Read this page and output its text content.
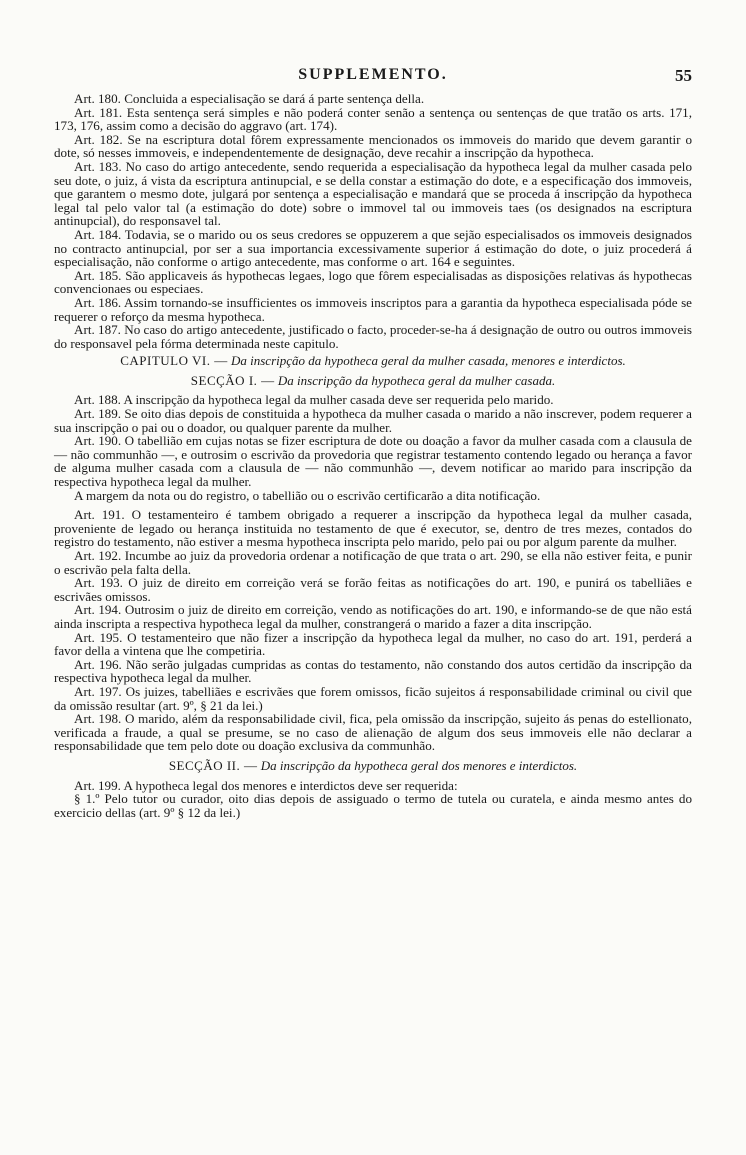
SUPPLEMENTO.	55

Art. 180. Concluida a especialisação se dará á parte sentença della.

Art. 181. Esta sentença será simples e não poderá conter senão a sentença ou sentenças de que tratão os arts. 171, 173, 176, assim como a decisão do aggravo (art. 174).

Art. 182. Se na escriptura dotal fôrem expressamente mencionados os immoveis do marido que devem garantir o dote, só nesses immoveis, e independentemente de designação, deve recahir a inscripção da hypotheca.

Art. 183. No caso do artigo antecedente, sendo requerida a especialisação da hypotheca legal da mulher casada pelo seu dote, o juiz, á vista da escriptura antinupcial, e se della constar a estimação do dote, e a especificação dos immoveis, que garantem o mesmo dote, julgará por sentença a especialisação e mandará que se proceda á inscripção da hypotheca legal tal pelo valor tal (a estimação do dote) sobre o immovel tal ou immoveis taes (os designados na escriptura antinupcial), do responsavel tal.

Art. 184. Todavia, se o marido ou os seus credores se oppuzerem a que sejão especialisados os immoveis designados no contracto antinupcial, por ser a sua importancia excessivamente superior á estimação do dote, o juiz procederá á especialisação, não conforme o artigo antecedente, mas conforme o art. 164 e seguintes.

Art. 185. São applicaveis ás hypothecas legaes, logo que fôrem especialisadas as disposições relativas ás hypothecas convencionaes ou especiaes.

Art. 186. Assim tornando-se insufficientes os immoveis inscriptos para a garantia da hypotheca especialisada póde se requerer o reforço da mesma hypotheca.

Art. 187. No caso do artigo antecedente, justificado o facto, proceder-se-ha á designação de outro ou outros immoveis do responsavel pela fórma determinada neste capitulo.

CAPITULO VI. — Da inscripção da hypotheca geral da mulher casada, menores e interdictos.
SECÇÃO I. — Da inscripção da hypotheca geral da mulher casada.

Art. 188. A inscripção da hypotheca legal da mulher casada deve ser requerida pelo marido.

Art. 189. Se oito dias depois de constituida a hypotheca da mulher casada o marido a não inscrever, podem requerer a sua inscripção o pai ou o doador, ou qualquer parente da mulher.

Art. 190. O tabellião em cujas notas se fizer escriptura de dote ou doação a favor da mulher casada com a clausula de — não communhão —, e outrosim o escrivão da provedoria que registrar testamento contendo legado ou herança a favor de alguma mulher casada com a clausula de — não communhão —, devem notificar ao marido para inscripção da respectiva hypotheca legal da mulher.

A margem da nota ou do registro, o tabellião ou o escrivão certificarão a dita notificação.

Art. 191. O testamenteiro é tambem obrigado a requerer a inscripção da hypotheca legal da mulher casada, proveniente de legado ou herança instituida no testamento de que é executor, se, dentro de tres mezes, contados do registro do testamento, não estiver a mesma hypotheca inscripta pelo marido, pelo pai ou por algum parente da mulher.

Art. 192. Incumbe ao juiz da provedoria ordenar a notificação de que trata o art. 290, se ella não estiver feita, e punir o escrivão pela falta della.

Art. 193. O juiz de direito em correição verá se forão feitas as notificações do art. 190, e punirá os tabelliães e escrivães omissos.

Art. 194. Outrosim o juiz de direito em correição, vendo as notificações do art. 190, e informando-se de que não está ainda inscripta a respectiva hypotheca legal da mulher, constrangerá o marido a fazer a dita inscripção.

Art. 195. O testamenteiro que não fizer a inscripção da hypotheca legal da mulher, no caso do art. 191, perderá a favor della a vintena que lhe competiria.

Art. 196. Não serão julgadas cumpridas as contas do testamento, não constando dos autos certidão da inscripção da respectiva hypotheca legal da mulher.

Art. 197. Os juizes, tabelliães e escrivães que forem omissos, ficão sujeitos á responsabilidade criminal ou civil que da omissão resultar (art. 9º, § 21 da lei.)

Art. 198. O marido, além da responsabilidade civil, fica, pela omissão da inscripção, sujeito ás penas do estellionato, verificada a fraude, a qual se presume, se no caso de alienação de algum dos seus immoveis elle não declarar a responsabilidade que tem pelo dote ou doação exclusiva da communhão.

SECÇÃO II. — Da inscripção da hypotheca geral dos menores e interdictos.

Art. 199. A hypotheca legal dos menores e interdictos deve ser requerida:

§ 1.º Pelo tutor ou curador, oito dias depois de assiguado o termo de tutela ou curatela, e ainda mesmo antes do exercicio dellas (art. 9º § 12 da lei.)
